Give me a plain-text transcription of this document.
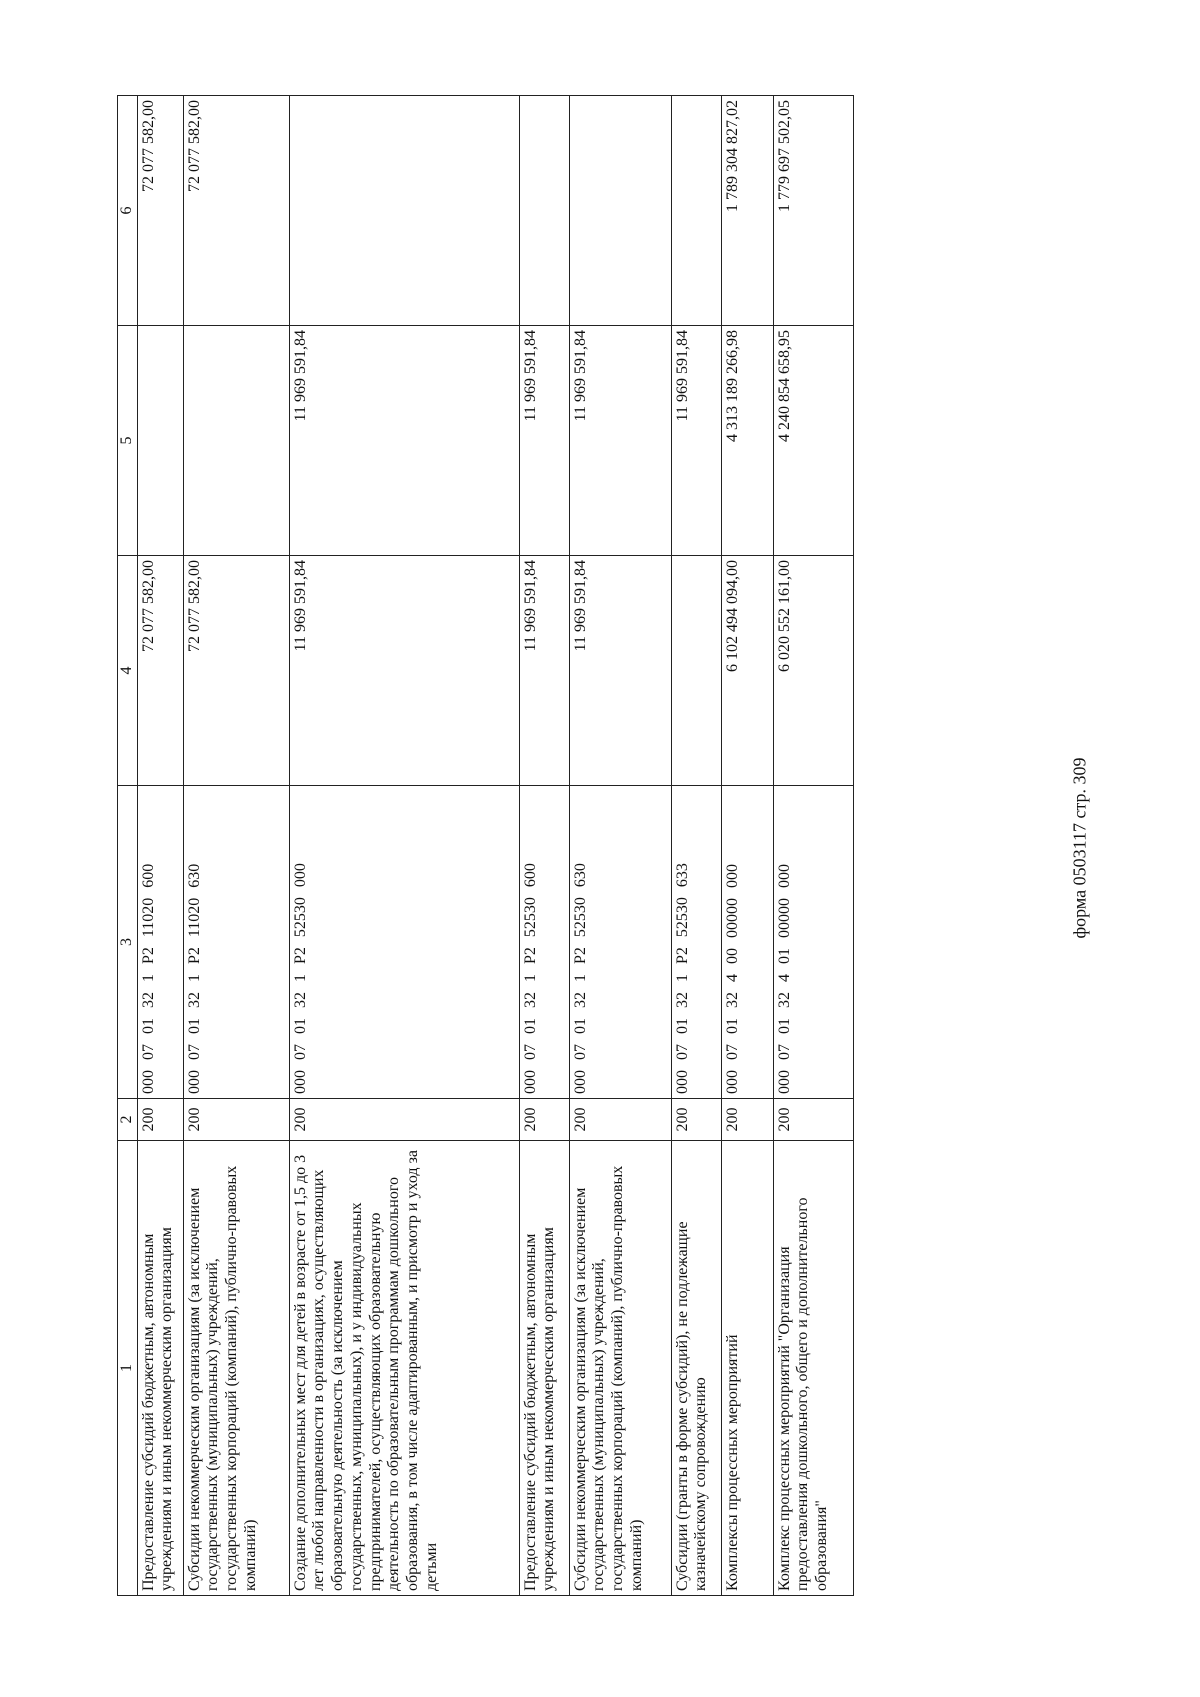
форма 0503117 стр. 309
1	2	3	4	5	6
Предоставление субсидий бюджетным, автономным учреждениям и иным некоммерческим организациям	200	000 07 01 32 1 P2 11020 600	72 077 582,00		72 077 582,00
Субсидии некоммерческим организациям (за исключением государственных (муниципальных) учреждений, государственных корпораций (компаний), публично-правовых компаний)	200	000 07 01 32 1 P2 11020 630	72 077 582,00		72 077 582,00
Создание дополнительных мест для детей в возрасте от 1,5 до 3 лет любой направленности в организациях, осуществляющих образовательную деятельность (за исключением государственных, муниципальных), и у индивидуальных предпринимателей, осуществляющих образовательную деятельность по образовательным программам дошкольного образования, в том числе адаптированным, и присмотр и уход за детьми	200	000 07 01 32 1 P2 52530 000	11 969 591,84	11 969 591,84	
Предоставление субсидий бюджетным, автономным учреждениям и иным некоммерческим организациям	200	000 07 01 32 1 P2 52530 600	11 969 591,84	11 969 591,84	
Субсидии некоммерческим организациям (за исключением государственных (муниципальных) учреждений, государственных корпораций (компаний), публично-правовых компаний)	200	000 07 01 32 1 P2 52530 630	11 969 591,84	11 969 591,84	
Субсидии (гранты в форме субсидий), не подлежащие казначейскому сопровождению	200	000 07 01 32 1 P2 52530 633		11 969 591,84	
Комплексы процессных мероприятий	200	000 07 01 32 4 00 00000 000	6 102 494 094,00	4 313 189 266,98	1 789 304 827,02
Комплекс процессных мероприятий "Организация предоставления дошкольного, общего и дополнительного образования"	200	000 07 01 32 4 01 00000 000	6 020 552 161,00	4 240 854 658,95	1 779 697 502,05
